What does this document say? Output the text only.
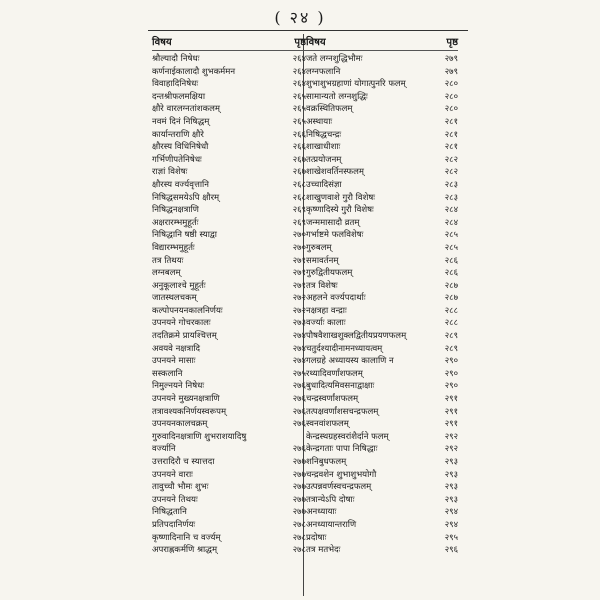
( २४ )
विषय	पृष्ठ
श्रौल्यादौ निषेधः	२६४
कर्णनाईकालादौ शुभकर्ममन	२६४
विवाहादिनिषेधः	२६४
दन्तश्रीफलमक्षिया	२६५
क्षौरे वारलग्नतांशकलम्	२६५
नवमं दिनं निषिद्धम्	२६५
कार्यान्तराणि क्षौरे	२६६
क्षौरस्य विधिनिषेधौ	२६६
गर्भिणीपतेनिषेधः	२६७
राज्ञां विशेषः	२६७
क्षौरस्य वर्ज्यवृत्तानि	२६८
निषिद्धसमयेऽपि क्षौरम्	२६८
निषिद्धनक्षत्राणि	२६९
अक्षरारम्भमुहूर्तः	२६९
निषिद्धानि षष्ठी स्याद्वा	२७०
विद्यारम्भमुहूर्तः	२७०
तत्र तिथयः	२७१
लग्नबलम्	२७१
अनुकूलाश्चे मुहूर्तः	२७१
जातस्थलचकम्	२७२
कल्पोपनयनकालनिर्णयः	२७२
उपनयने गोचरकालः	२७३
तदतिक्रमे प्रायश्चित्तम्	२७४
अवयवे नक्षत्रादि	२७४
उपनयने मासाः	२७४
सस्कलानि	२७५
निमुल्नयने निषेधः	२७६
उपनयने मुख्यनक्षत्राणि	२७६
तत्रावश्यकनिर्णयस्वरूपम्	२७६
उपनयनकालचक्रम्	२७६
गुरुवादिनक्षत्राणि शुभराशयादिषु
वर्ज्यानि	२७६
उत्तरादिरौ च स्यात्तदा	२७७
उपनयने वाराः	२७७
तावुच्चौ भौमः शुभः	२७७
उपनयने तिथयः	२७७
निषिद्धतानि	२७७
प्रतिपदानिर्णयः	२७८
कृष्णादिनानि च वर्ज्यम्	२७८
अपराह्णकर्मणि श्राद्धम्	२७८
विषय	पृष्ठ
जते लग्नशुद्धिभौमः	२७९
लग्नफलानि	२७९
शुभाशुभग्रहाणां योगात्पुनरि फलम्	२८०
सामान्यतो लग्नशुद्धिः	२८०
वक्रस्थितिफलम्	२८०
अस्थायाः	२८१
निषिद्धचन्द्रः	२८१
शाखाधीशाः	२८१
तत्प्रयोजनम्	२८२
शाखेशवर्तिनस्फलम्	२८२
उच्चादिसंज्ञा	२८३
शाखुणवाशे गुरौ विशेषः	२८३
कृष्णादिस्ये गुरौ विशेषः	२८४
जन्ममासादौ व्रतम्	२८४
गर्भाष्टमे फलविशेषः	२८५
गुरुबलम्	२८५
समावर्तनम्	२८६
गुरुद्वितीयफलम्	२८६
तत्र विशेषः	२८७
अहलने वर्ज्यपदार्थाः	२८७
नक्षत्रहा वन्द्राः	२८८
वर्ज्याः कालाः	२८८
पौषवैशाखशुक्लद्वितीयप्रयणफलम्	२८९
चतुर्दश्यादीनामनध्यायत्वम्	२८९
गलग्रहे अध्यायस्य कालाणि न	२९०
रथ्यादिवर्णांशफलम्	२९०
बुधादित्यमिवसनाद्वाक्षाः	२९०
चन्द्रस्वर्णांशफलम्	२९१
तत्पक्षवर्णांशसचन्द्रफलम्	२९१
स्वनवांशफलम्	२९१
केन्द्रस्थग्रहस्वरांशैर्दाने फलम्	२९२
केन्द्रगताः पापा निषिद्धाः	२९२
शनिबुधफलम्	२९३
चन्द्रवशेन शुभाशुभयोगौ	२९३
उत्पन्नवर्णस्वचन्द्रफलम्	२९३
तत्रान्येऽपि दोषाः	२९३
अनध्यायाः	२९४
अनध्यायान्तराणि	२९४
प्रदोषाः	२९५
तत्र मतभेदः	२९६
